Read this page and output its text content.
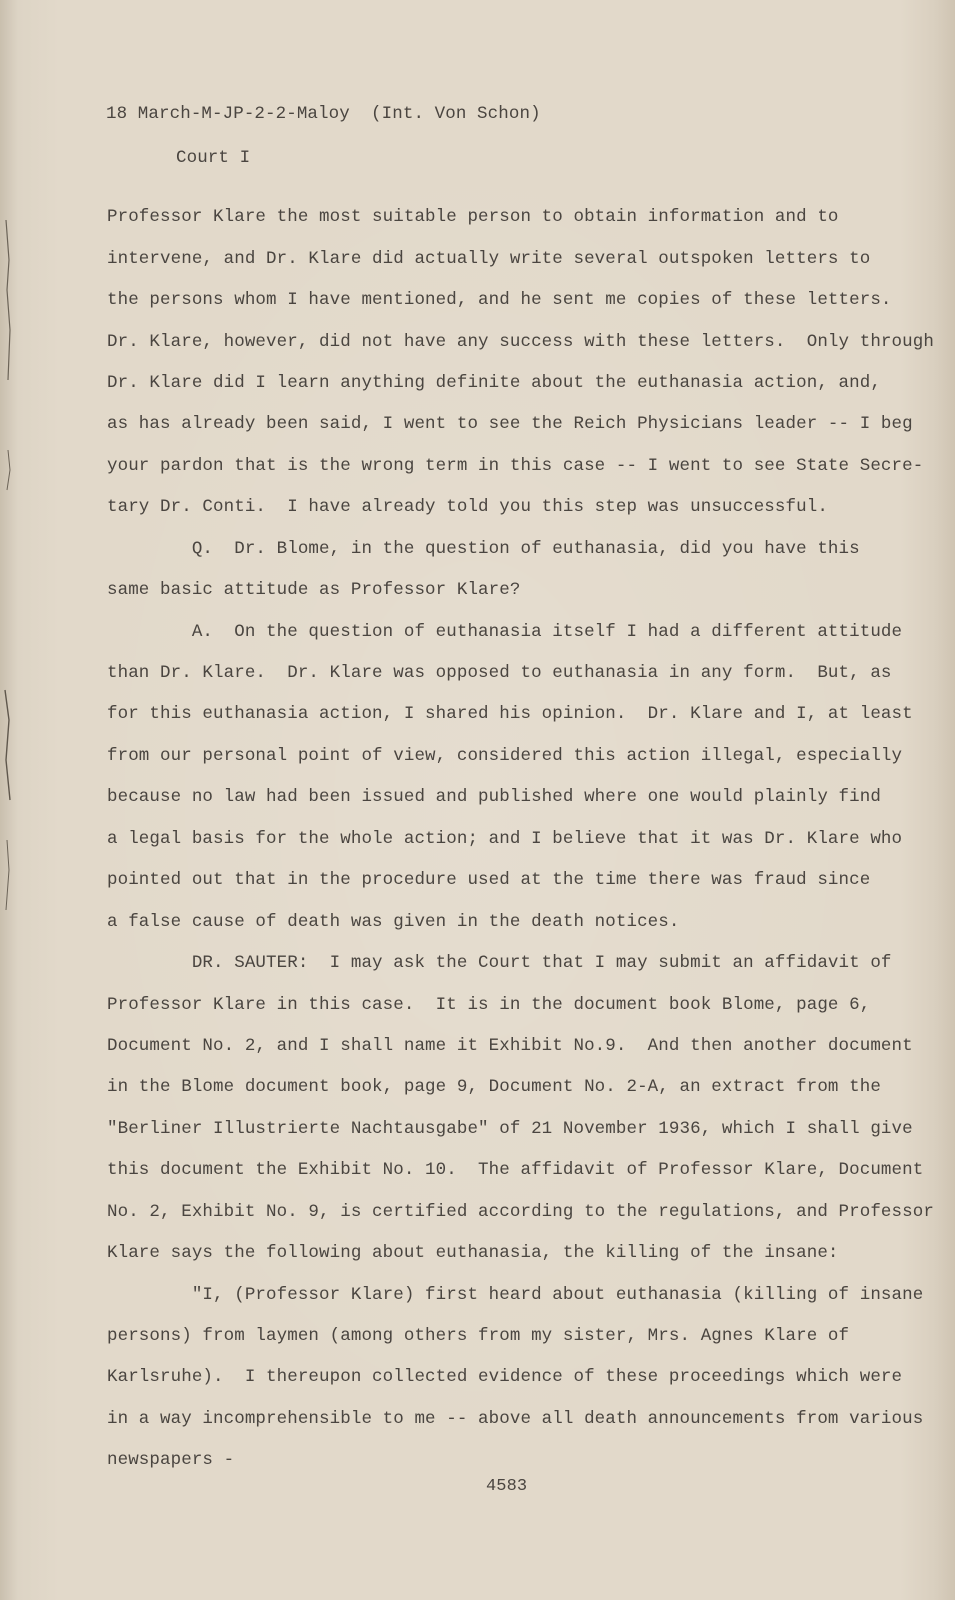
18 March-M-JP-2-2-Maloy  (Int. Von Schon)
Court I
Professor Klare the most suitable person to obtain information and to
intervene, and Dr. Klare did actually write several outspoken letters to
the persons whom I have mentioned, and he sent me copies of these letters.
Dr. Klare, however, did not have any success with these letters.  Only through
Dr. Klare did I learn anything definite about the euthanasia action, and,
as has already been said, I went to see the Reich Physicians leader -- I beg
your pardon that is the wrong term in this case -- I went to see State Secre-
tary Dr. Conti.  I have already told you this step was unsuccessful.
Q.  Dr. Blome, in the question of euthanasia, did you have this
same basic attitude as Professor Klare?
A.  On the question of euthanasia itself I had a different attitude
than Dr. Klare.  Dr. Klare was opposed to euthanasia in any form.  But, as
for this euthanasia action, I shared his opinion.  Dr. Klare and I, at least
from our personal point of view, considered this action illegal, especially
because no law had been issued and published where one would plainly find
a legal basis for the whole action; and I believe that it was Dr. Klare who
pointed out that in the procedure used at the time there was fraud since
a false cause of death was given in the death notices.
DR. SAUTER:  I may ask the Court that I may submit an affidavit of
Professor Klare in this case.  It is in the document book Blome, page 6,
Document No. 2, and I shall name it Exhibit No.9.  And then another document
in the Blome document book, page 9, Document No. 2-A, an extract from the
"Berliner Illustrierte Nachtausgabe" of 21 November 1936, which I shall give
this document the Exhibit No. 10.  The affidavit of Professor Klare, Document
No. 2, Exhibit No. 9, is certified according to the regulations, and Professor
Klare says the following about euthanasia, the killing of the insane:
"I, (Professor Klare) first heard about euthanasia (killing of insane
persons) from laymen (among others from my sister, Mrs. Agnes Klare of
Karlsruhe).  I thereupon collected evidence of these proceedings which were
in a way incomprehensible to me -- above all death announcements from various
newspapers -
4583
